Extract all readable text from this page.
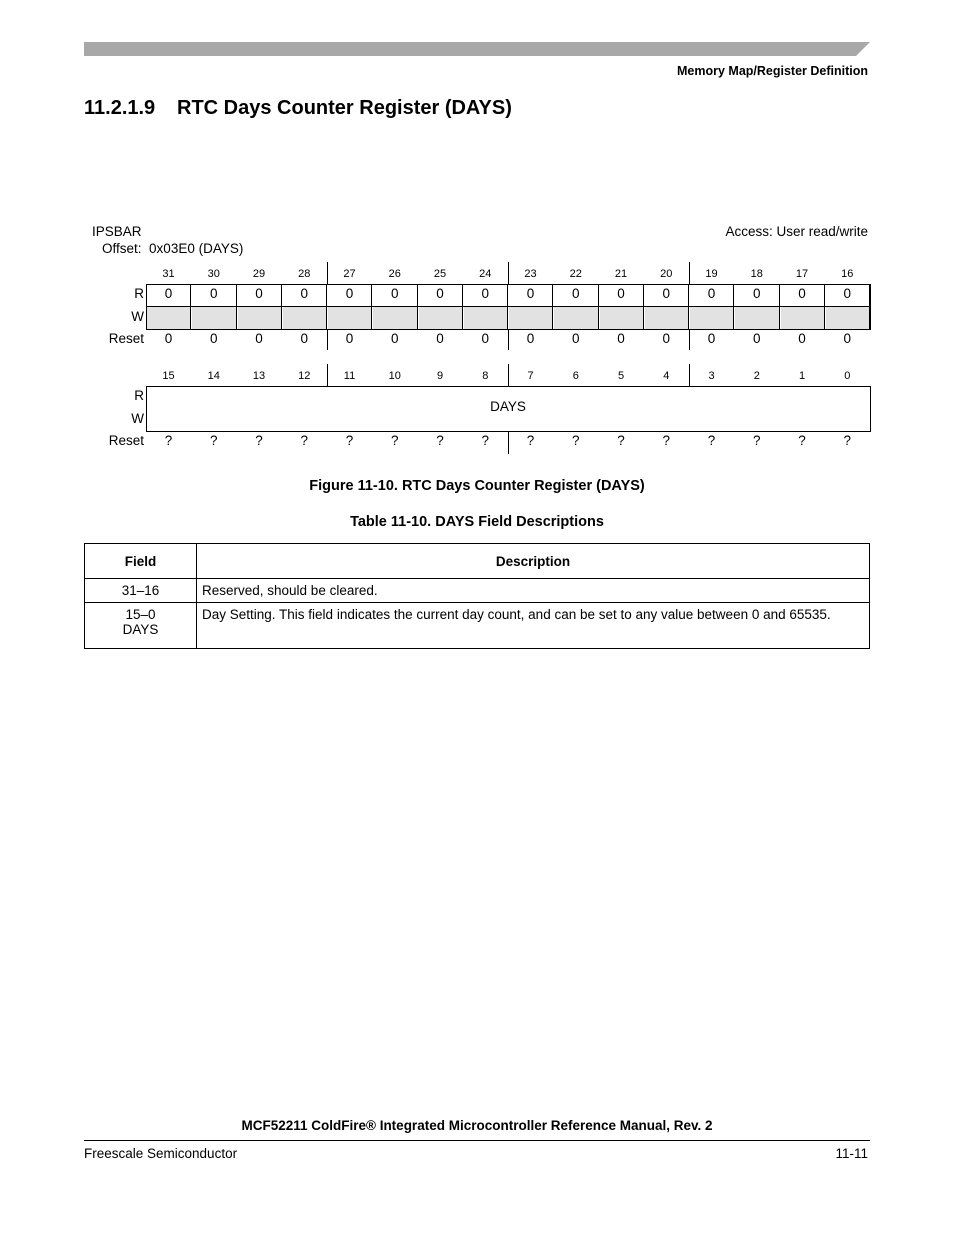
Memory Map/Register Definition
11.2.1.9 RTC Days Counter Register (DAYS)
IPSBAR
Offset: 0x03E0 (DAYS)
Access: User read/write
31	30	29	28	27	26	25	24	23	22	21	20	19	18	17	16
0	0	0	0	0	0	0	0	0	0	0	0	0	0	0	0
R
W
Reset	0	0	0	0	0	0	0	0	0	0	0	0	0	0	0	0
15	14	13	12	11	10	9	8	7	6	5	4	3	2	1	0
DAYS
R
W
Reset	?	?	?	?	?	?	?	?	?	?	?	?	?	?	?	?
Figure 11-10. RTC Days Counter Register (DAYS)
Table 11-10. DAYS Field Descriptions
Field	Description

31–16	Reserved, should be cleared.

15–0
DAYS	Day Setting. This field indicates the current day count, and can be set to any value between 0 and 65535.
MCF52211 ColdFire® Integrated Microcontroller Reference Manual, Rev. 2
Freescale Semiconductor	11-11
